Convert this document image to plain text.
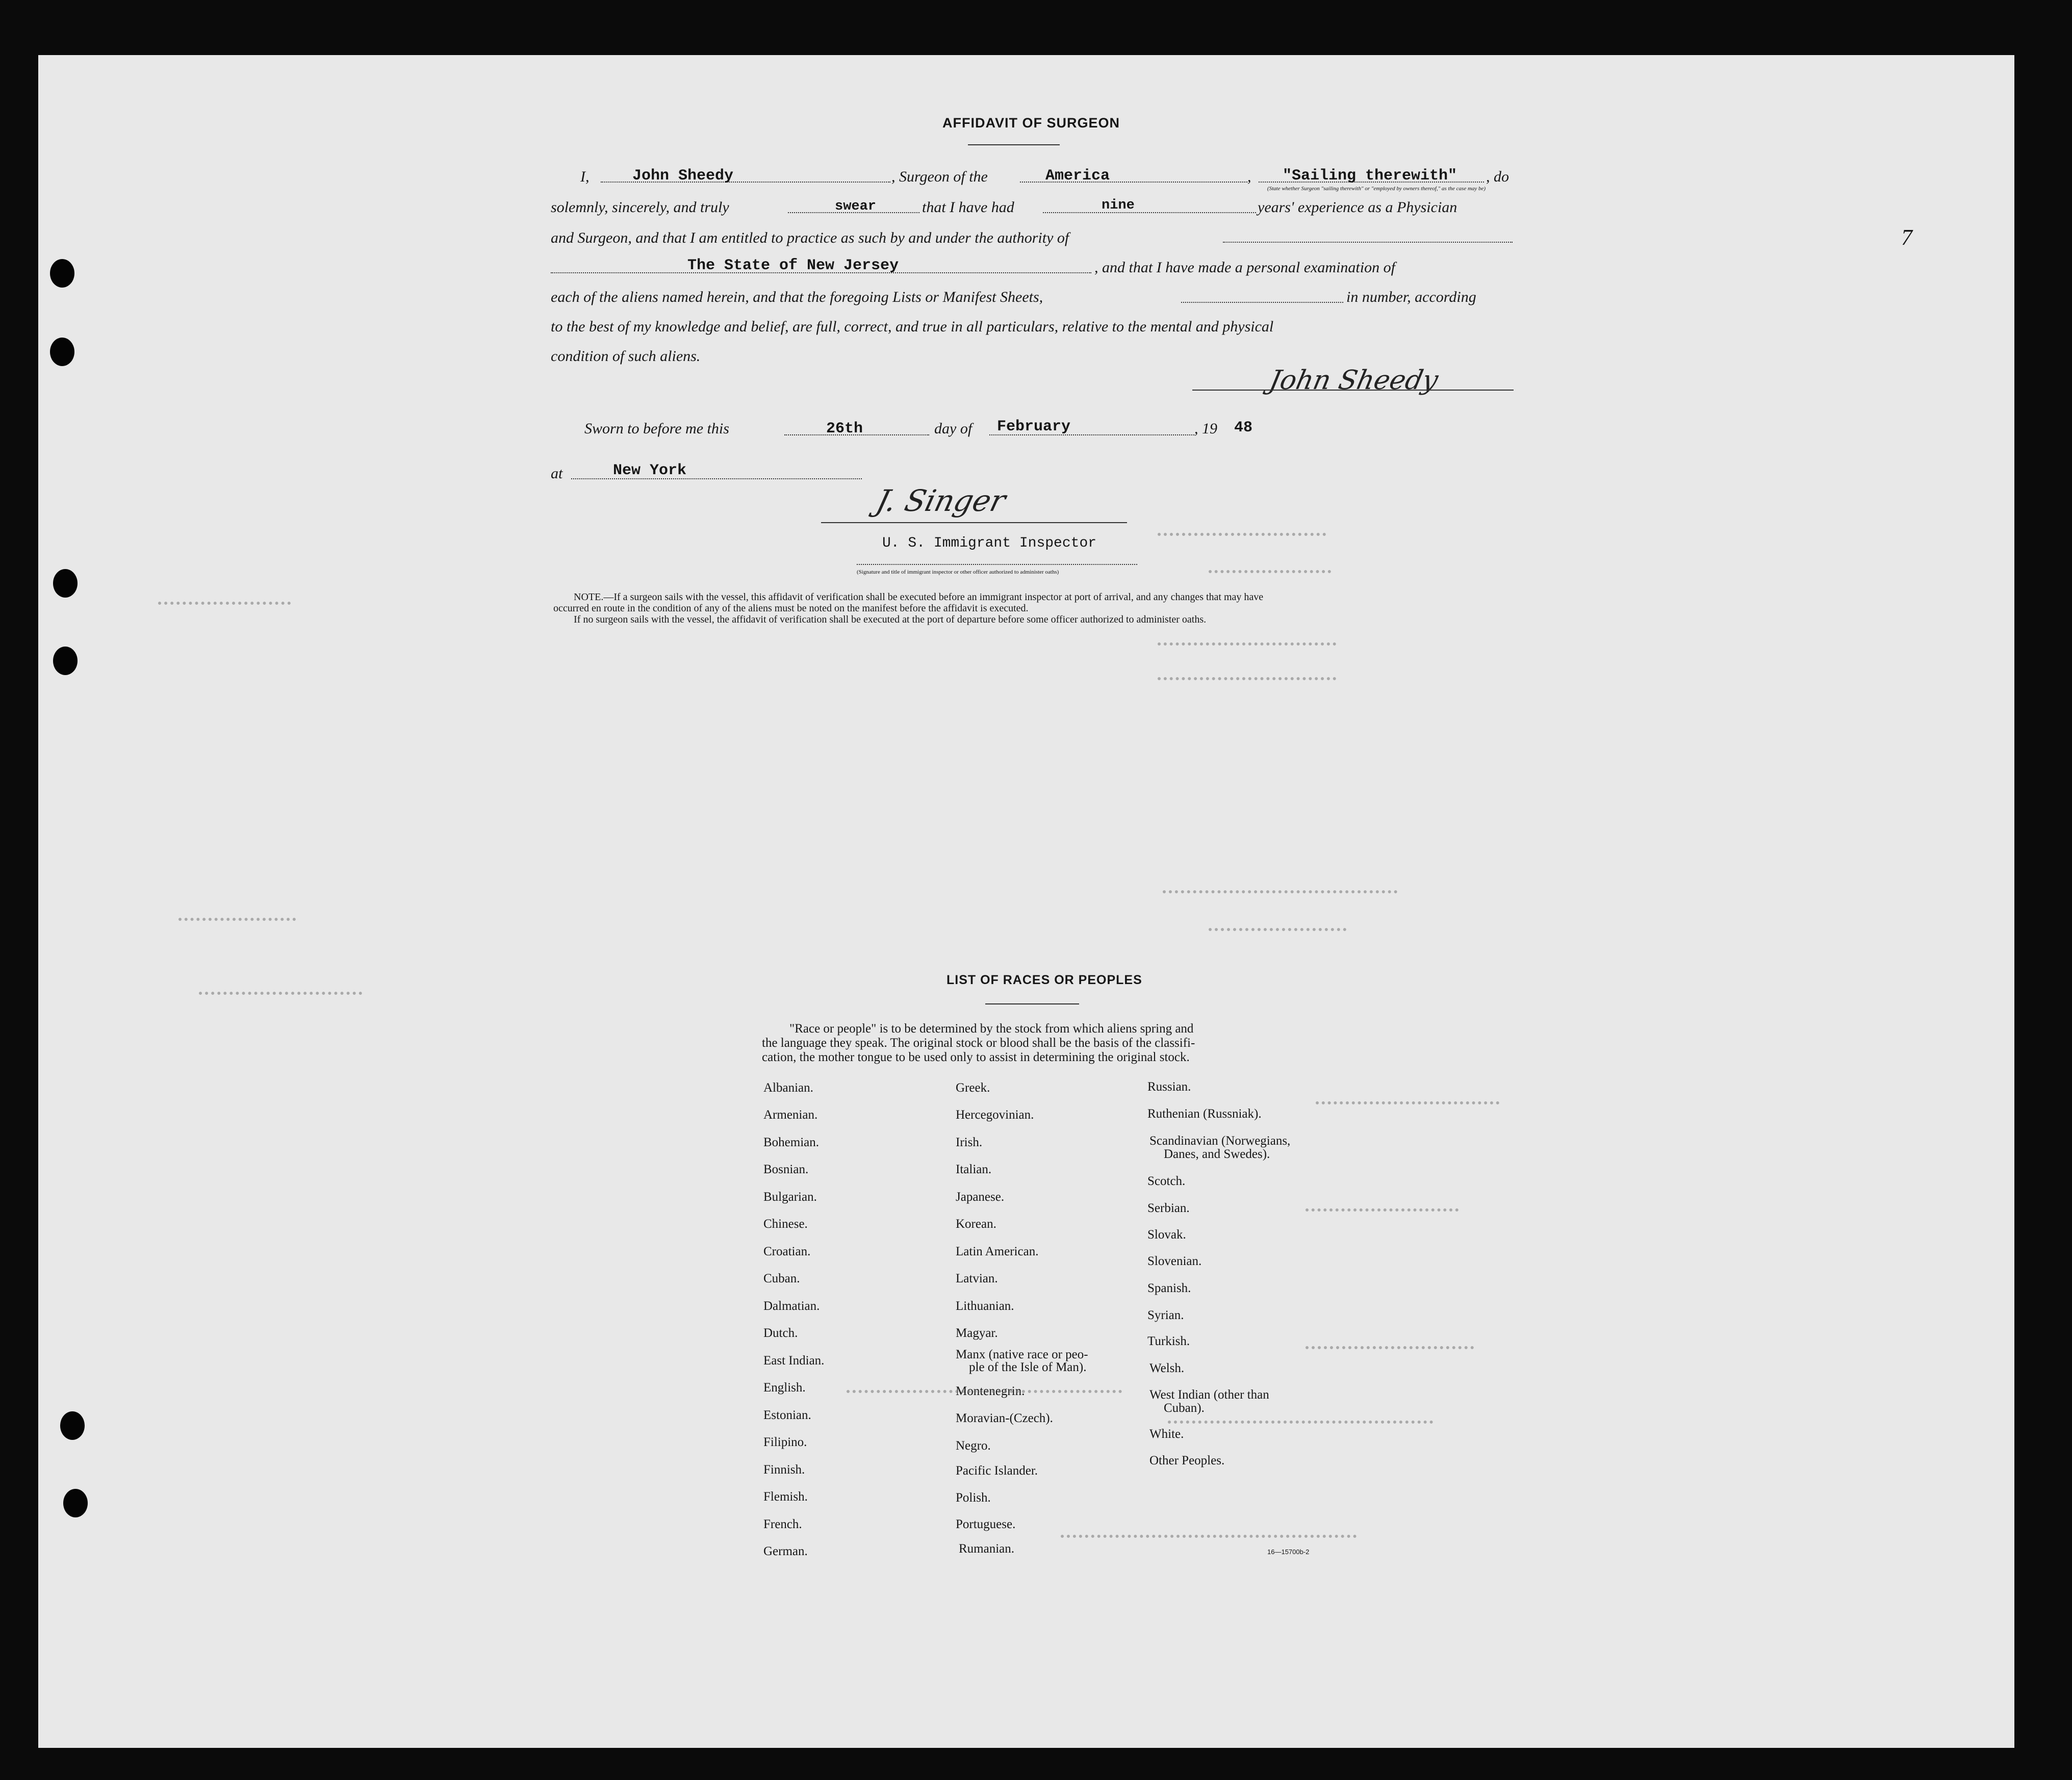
7
AFFIDAVIT OF SURGEON
I,	John Sheedy	, Surgeon of the	America	, "Sailing therewith" , do
(State whether Surgeon "sailing therewith" or "employed by owners thereof," as the case may be)
solemnly, sincerely, and truly	swear	that I have had	nine	years' experience as a Physician
and Surgeon, and that I am entitled to practice as such by and under the authority of
The State of New Jersey	, and that I have made a personal examination of
each of the aliens named herein, and that the foregoing Lists or Manifest Sheets,	in number, according
to the best of my knowledge and belief, are full, correct, and true in all particulars, relative to the mental and physical
condition of such aliens.
John Sheedy
Sworn to before me this	26th	day of February	, 19 48
at	New York
J. Singer
U. S. Immigrant Inspector
(Signature and title of immigrant inspector or other officer authorized to administer oaths)
NOTE.—If a surgeon sails with the vessel, this affidavit of verification shall be executed before an immigrant inspector at port of arrival, and any changes that may have
occurred en route in the condition of any of the aliens must be noted on the manifest before the affidavit is executed.
If no surgeon sails with the vessel, the affidavit of verification shall be executed at the port of departure before some officer authorized to administer oaths.
LIST OF RACES OR PEOPLES
"Race or people" is to be determined by the stock from which aliens spring and
the language they speak. The original stock or blood shall be the basis of the classifi-
cation, the mother tongue to be used only to assist in determining the original stock.
Albanian.
Armenian.
Bohemian.
Bosnian.
Bulgarian.
Chinese.
Croatian.
Cuban.
Dalmatian.
Dutch.
East Indian.
English.
Estonian.
Filipino.
Finnish.
Flemish.
French.
German.
Greek.
Hercegovinian.
Irish.
Italian.
Japanese.
Korean.
Latin American.
Latvian.
Lithuanian.
Magyar.
Manx (native race or peo-
ple of the Isle of Man).
Montenegrin.
Moravian-(Czech).
Negro.
Pacific Islander.
Polish.
Portuguese.
Rumanian.
Russian.
Ruthenian (Russniak).
Scandinavian (Norwegians,
Danes, and Swedes).
Scotch.
Serbian.
Slovak.
Slovenian.
Spanish.
Syrian.
Turkish.
Welsh.
West Indian (other than
Cuban).
White.
Other Peoples.
16—15700b-2
